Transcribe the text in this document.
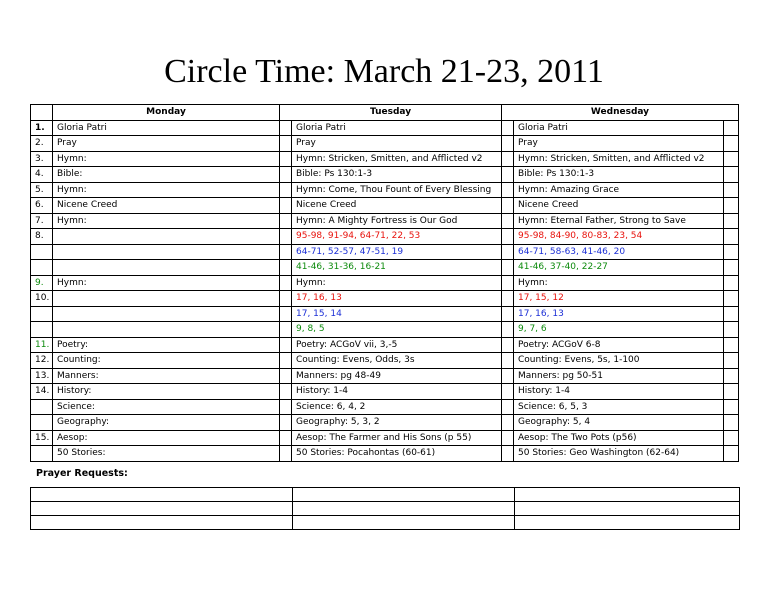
Circle Time: March 21-23, 2011
	Monday	Tuesday		Wednesday		
1.	Gloria Patri		Gloria Patri		Gloria Patri	
2.	Pray		Pray		Pray	
3.	Hymn:		Hymn: Stricken, Smitten, and Afflicted v2		Hymn: Stricken, Smitten, and Afflicted v2	
4.	Bible:		Bible: Ps 130:1-3		Bible: Ps 130:1-3	
5.	Hymn:		Hymn: Come, Thou Fount of Every Blessing		Hymn: Amazing Grace	
6.	Nicene Creed		Nicene Creed		Nicene Creed	
7.	Hymn:		Hymn: A Mighty Fortress is Our God		Hymn: Eternal Father, Strong to Save	
8.			95-98, 91-94, 64-71, 22, 53		95-98, 84-90, 80-83, 23, 54	
			64-71, 52-57, 47-51, 19		64-71, 58-63, 41-46, 20	
			41-46, 31-36, 16-21		41-46, 37-40, 22-27	
9.	Hymn:		Hymn:		Hymn:	
10.			17, 16, 13		17, 15, 12	
			17, 15, 14		17, 16, 13	
			9, 8, 5		9, 7, 6	
11.	Poetry:		Poetry: ACGoV vii, 3,-5		Poetry: ACGoV 6-8	
12.	Counting:		Counting: Evens, Odds, 3s		Counting: Evens, 5s, 1-100	
13.	Manners:		Manners: pg 48-49		Manners: pg 50-51	
14.	History:		History: 1-4		History: 1-4	
	Science:		Science: 6, 4, 2		Science: 6, 5, 3	
	Geography:		Geography: 5, 3, 2		Geography: 5, 4	
15.	Aesop:		Aesop: The Farmer and His Sons (p 55)		Aesop: The Two Pots (p56)	
	50 Stories:		50 Stories: Pocahontas (60-61)		50 Stories: Geo Washington (62-64)	
Prayer Requests:
